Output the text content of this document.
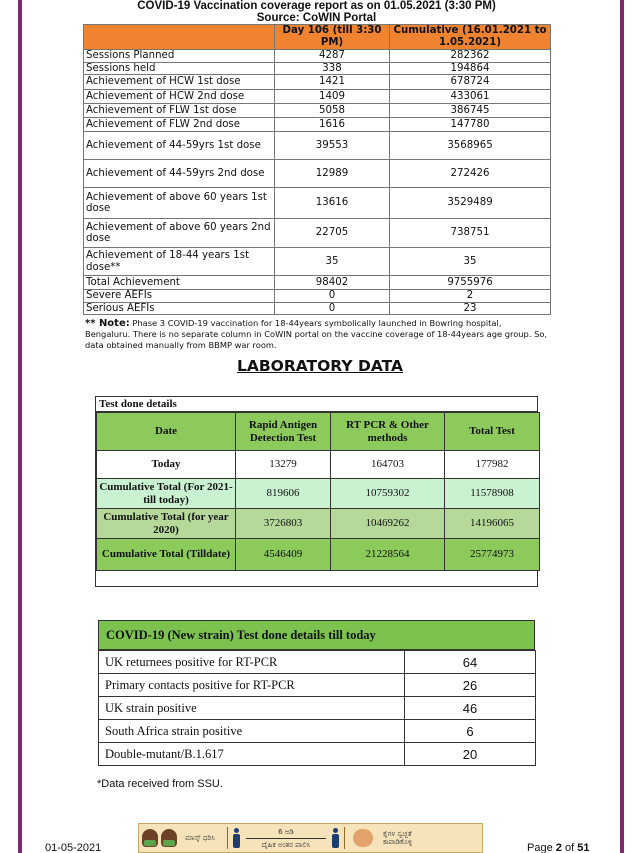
COVID-19 Vaccination coverage report as on 01.05.2021 (3:30 PM)
Source: CoWIN Portal
	Day 106 (till 3:30 PM)	Cumulative (16.01.2021 to 1.05.2021)
Sessions Planned	4287	282362
Sessions held	338	194864
Achievement of HCW 1st dose	1421	678724
Achievement of HCW 2nd dose	1409	433061
Achievement of FLW 1st dose	5058	386745
Achievement of FLW 2nd dose	1616	147780
Achievement of 44-59yrs 1st dose	39553	3568965
Achievement of 44-59yrs 2nd dose	12989	272426
Achievement of above 60 years 1st dose	13616	3529489
Achievement of above 60 years 2nd dose	22705	738751
Achievement of 18-44 years 1st dose**	35	35
Total Achievement	98402	9755976
Severe AEFIs	0	2
Serious AEFIs	0	23
** Note: Phase 3 COVID-19 vaccination for 18-44years symbolically launched in Bowring hospital, Bengaluru. There is no separate column in CoWIN portal on the vaccine coverage of 18-44years age group. So, data obtained manually from BBMP war room.
LABORATORY DATA
Test done details
Date	Rapid Antigen Detection Test	RT PCR & Other methods	Total Test
Today	13279	164703	177982
Cumulative Total (For 2021- till today)	819606	10759302	11578908
Cumulative Total (for year 2020)	3726803	10469262	14196065
Cumulative Total (Tilldate)	4546409	21228564	25774973
COVID-19 (New strain) Test done details till today
UK returnees positive for RT-PCR	64
Primary contacts positive for RT-PCR	26
UK strain positive	46
South Africa strain positive	6
Double-mutant/B.1.617	20
*Data received from SSU.
01-05-2021
ಮಾಸ್ಕ್ ಧರಿಸಿ
6 ಅಡಿ
ದೈಹಿಕ ಅಂತರ ಪಾಲಿಸಿ
ಕೈಗಳ ಸ್ವಚ್ಛತೆ ಕಾಪಾಡಿಕೊಳ್ಳಿ	Page 2 of 51
